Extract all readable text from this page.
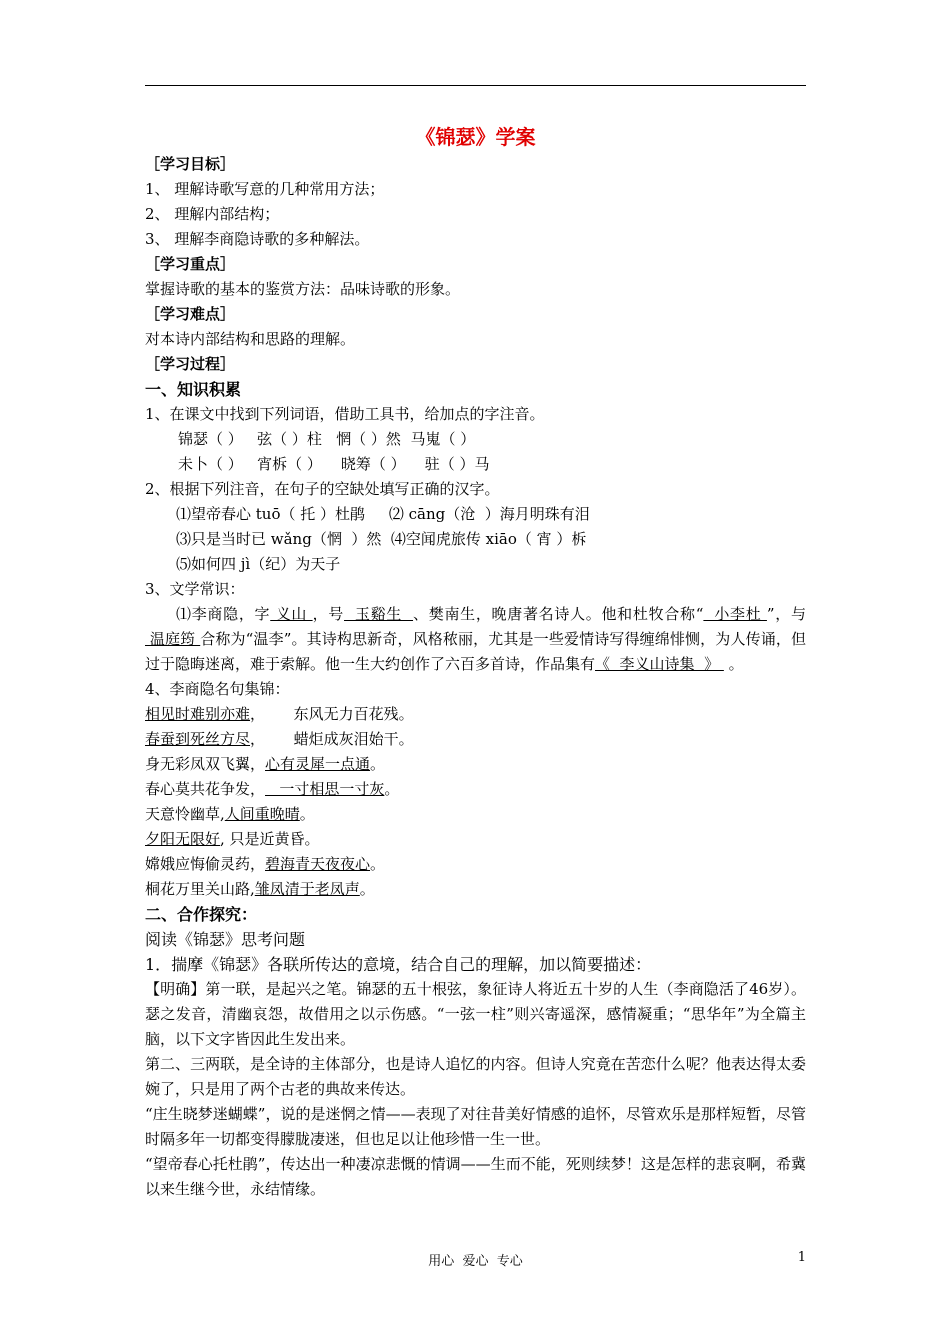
《锦瑟》学案
［学习目标］
1、 理解诗歌写意的几种常用方法；
2、 理解内部结构；
3、 理解李商隐诗歌的多种解法。
［学习重点］
掌握诗歌的基本的鉴赏方法：品味诗歌的形象。
［学习难点］
对本诗内部结构和思路的理解。
［学习过程］
一、知识积累
1、在课文中找到下列词语，借助工具书，给加点的字注音。
锦瑟（ ）   弦（ ）柱   惘（ ）然  马嵬（ ）
未卜（ ）   宵柝（ ）    晓筹（ ）    驻（ ）马
2、根据下列注音，在句子的空缺处填写正确的汉字。
⑴望帝春心 tuō（ 托 ）杜鹃     ⑵ cāng（沧  ）海月明珠有泪
⑶只是当时已 wǎng（惘  ）然  ⑷空闻虎旅传 xiāo（ 宵 ）柝
⑸如何四 jì（纪）为天子
3、文学常识：
⑴李商隐，字 义山 ，号  玉谿生  、樊南生，晚唐著名诗人。他和杜牧合称“  小李杜 ”，与 温庭筠 合称为“温李”。其诗构思新奇，风格秾丽，尤其是一些爱情诗写得缠绵悱恻，为人传诵，但过于隐晦迷离，难于索解。他一生大约创作了六百多首诗，作品集有《  李义山诗集  》  。
4、李商隐名句集锦：
相见时难别亦难，      东风无力百花残。
春蚕到死丝方尽，      蜡炬成灰泪始干。
身无彩凤双飞翼，心有灵犀一点通。
春心莫共花争发，   一寸相思一寸灰。
天意怜幽草,人间重晚晴。
夕阳无限好, 只是近黄昏。
嫦娥应悔偷灵药，碧海青天夜夜心。
桐花万里关山路,雏凤清于老凤声。
二、合作探究：
阅读《锦瑟》思考问题
1．揣摩《锦瑟》各联所传达的意境，结合自己的理解，加以简要描述：
【明确】第一联，是起兴之笔。锦瑟的五十根弦，象征诗人将近五十岁的人生（李商隐活了46岁）。瑟之发音，清幽哀怨，故借用之以示伤感。“一弦一柱”则兴寄遥深，感情凝重；“思华年”为全篇主脑，以下文字皆因此生发出来。
第二、三两联，是全诗的主体部分，也是诗人追忆的内容。但诗人究竟在苦恋什么呢？他表达得太委婉了，只是用了两个古老的典故来传达。
“庄生晓梦迷蝴蝶”，说的是迷惘之情——表现了对往昔美好情感的追怀，尽管欢乐是那样短暂，尽管时隔多年一切都变得朦胧凄迷，但也足以让他珍惜一生一世。
“望帝春心托杜鹃”，传达出一种凄凉悲慨的情调——生而不能，死则续梦！这是怎样的悲哀啊，希冀以来生继今世，永结情缘。
用心  爱心  专心	1
